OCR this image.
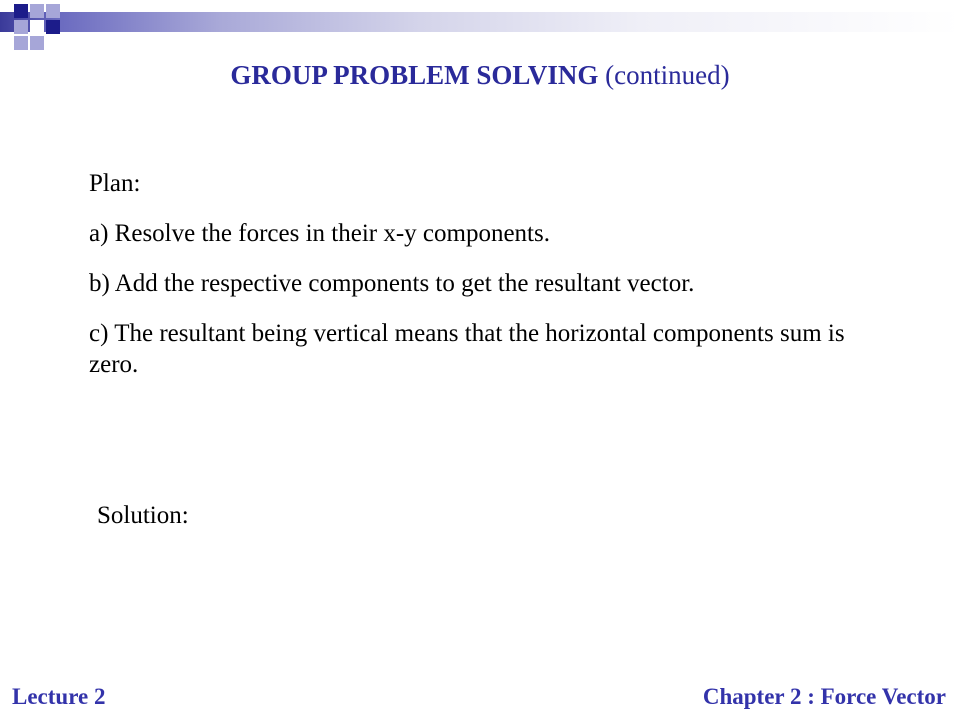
GROUP PROBLEM SOLVING (continued)

Plan:

a) Resolve the forces in their x-y components.

b) Add the respective components to get the resultant vector.

c) The resultant being vertical means that the horizontal components sum is zero.

Solution:
Lecture 2	Chapter 2 : Force Vector
